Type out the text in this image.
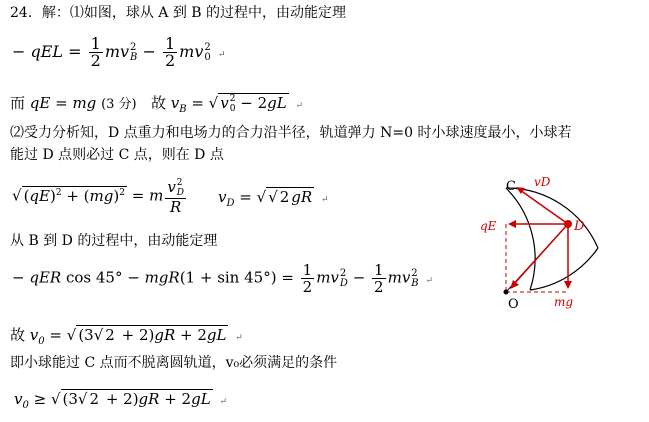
24．解：⑴如图，球从 A 到 B 的过程中，由动能定理
− qEL = $\frac{1}{2}$ mv 2
$B - \frac{1}{2}$ mv 2
0 ↵
而 qE = mg (3 分) 故 $v_B$ = √ v 2
0 − 2gL ↵
⑵受力分析知，D 点重力和电场力的合力沿半径，轨道弹力 N=0 时小球速度最小，小球若
能过 D 点则必过 C 点，则在 D 点
√ (qE)$^2$ + (mg)$^2$ = m v 2
D
R $v_D$ = √ √ 2 gR ↵
从 B 到 D 的过程中，由动能定理
− qER $\cos 45^\circ - mgR(1 + \sin 45^\circ) = \frac{1}{2}$ mv 2
$D - \frac{1}{2}$ mv 2
B ↵
故 $v_0$ = √ (3√ 2 + 2)gR + 2gL ↵
即小球能过 C 点而不脱离圆轨道，v₀必须满足的条件
$v_0$ ≥ √ (3√ 2 + 2)gR + 2gL ↵
C
O
D
vD
qE
mg
